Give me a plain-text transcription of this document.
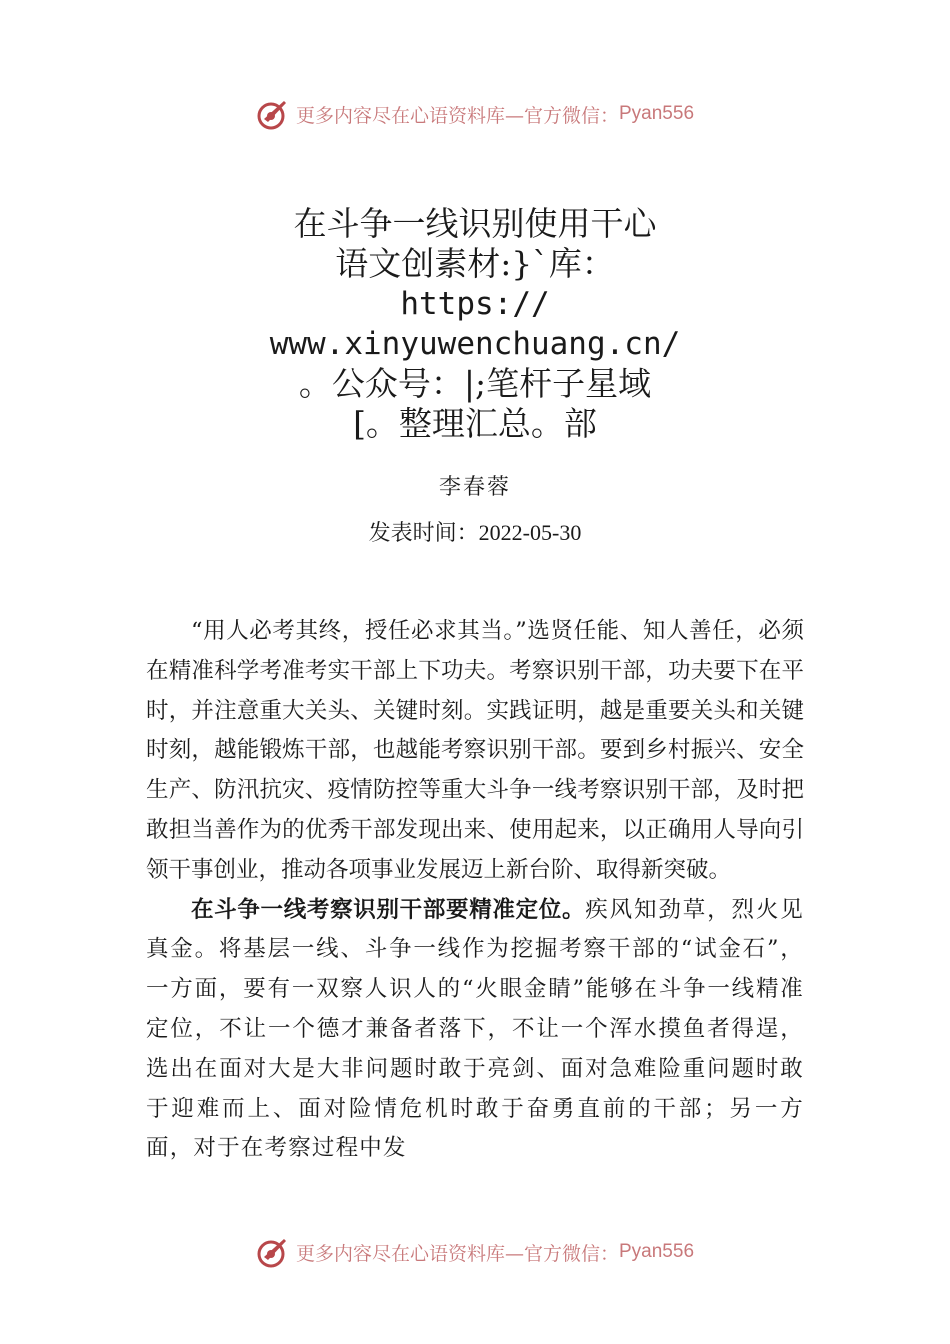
更多内容尽在心语资料库—官方微信： Pyan556
在斗争一线识别使用干心
语文创素材:}`库：
https://
www.xinyuwenchuang.cn/
。公众号：|;笔杆子星域
[。整理汇总。部
李春蓉
发表时间：2022-05-30

“用人必考其终，授任必求其当。”选贤任能、知人善任，必须在精准科学考准考实干部上下功夫。考察识别干部，功夫要下在平时，并注意重大关头、关键时刻。实践证明，越是重要关头和关键时刻，越能锻炼干部，也越能考察识别干部。要到乡村振兴、安全生产、防汛抗灾、疫情防控等重大斗争一线考察识别干部，及时把敢担当善作为的优秀干部发现出来、使用起来，以正确用人导向引领干事创业，推动各项事业发展迈上新台阶、取得新突破。

在斗争一线考察识别干部要精准定位。疾风知劲草，烈火见真金。将基层一线、斗争一线作为挖掘考察干部的“试金石”，一方面，要有一双察人识人的“火眼金睛”能够在斗争一线精准定位，不让一个德才兼备者落下，不让一个浑水摸鱼者得逞，选出在面对大是大非问题时敢于亮剑、面对急难险重问题时敢于迎难而上、面对险情危机时敢于奋勇直前的干部；另一方面，对于在考察过程中发

更多内容尽在心语资料库—官方微信： Pyan556
